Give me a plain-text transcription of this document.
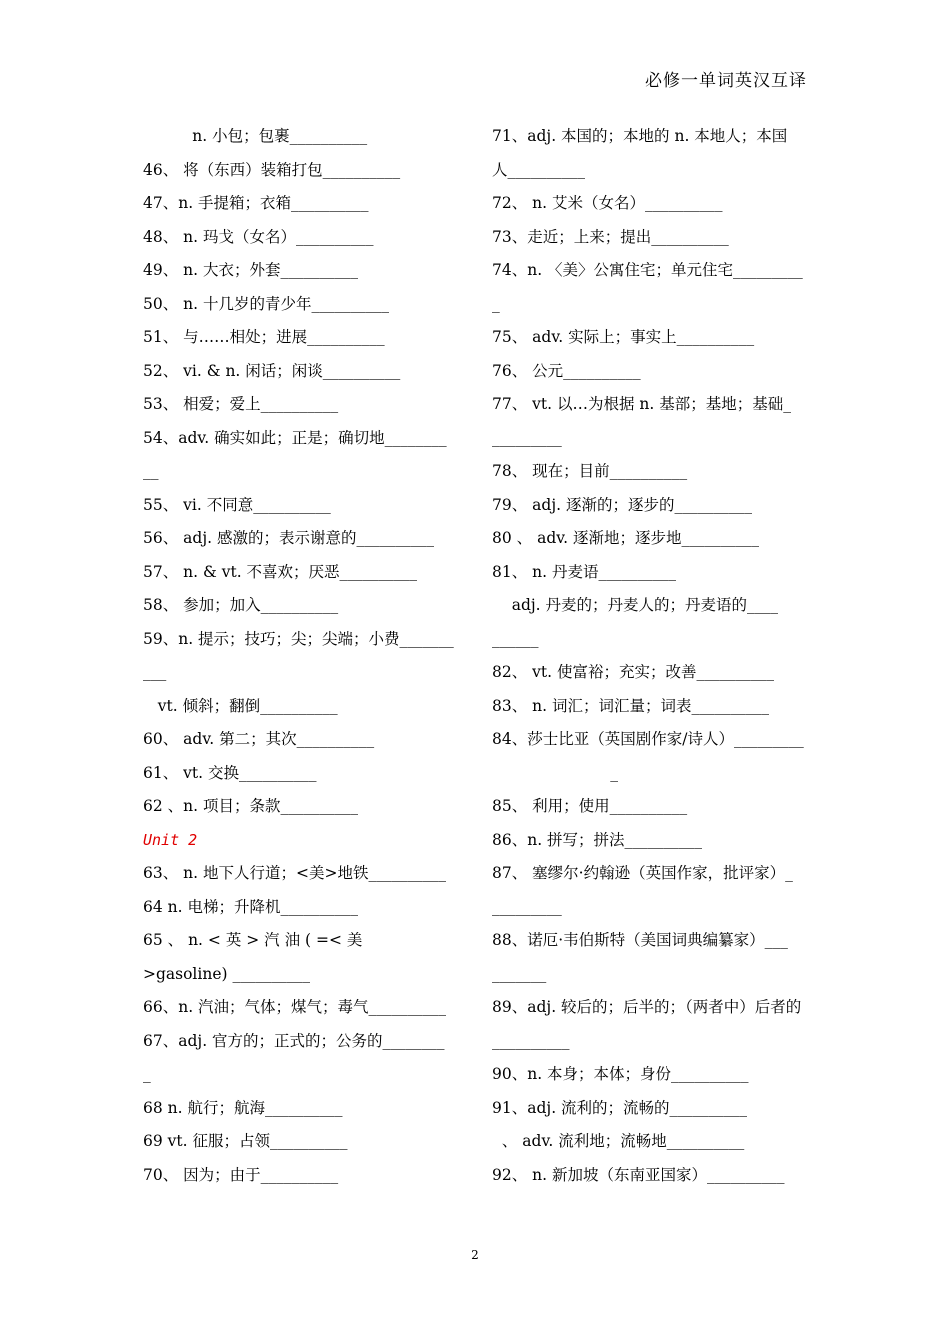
必修一单词英汉互译
n. 小包；包裹__________
46、 将（东西）装箱打包__________
47、n. 手提箱；衣箱__________
48、 n. 玛戈（女名）__________
49、 n. 大衣；外套__________
50、 n. 十几岁的青少年__________
51、 与……相处；进展__________
52、 vi. & n. 闲话；闲谈__________
53、 相爱；爱上__________
54、adv. 确实如此；正是；确切地________
__
55、 vi. 不同意__________
56、 adj. 感激的；表示谢意的__________
57、 n. & vt. 不喜欢；厌恶__________
58、 参加；加入__________
59、n. 提示；技巧；尖；尖端；小费_______
___
vt. 倾斜；翻倒__________
60、 adv. 第二；其次__________
61、 vt. 交换__________
62 、n. 项目；条款__________
Unit 2
63、 n. 地下人行道；<美>地铁__________
64 n. 电梯；升降机__________
65 、 n. < 英 > 汽 油 ( =< 美
>gasoline) __________
66、n. 汽油；气体；煤气；毒气__________
67、adj. 官方的；正式的；公务的________
_
68 n. 航行；航海__________
69 vt. 征服；占领__________
70、 因为；由于__________
71、adj. 本国的；本地的 n. 本地人；本国
人__________
72、 n. 艾米（女名）__________
73、走近；上来；提出__________
74、n. 〈美〉公寓住宅；单元住宅_________
_
75、 adv. 实际上；事实上__________
76、 公元__________
77、 vt. 以…为根据 n. 基部；基地；基础_
_________
78、 现在；目前__________
79、 adj. 逐渐的；逐步的__________
80 、 adv. 逐渐地；逐步地__________
81、 n. 丹麦语__________
adj. 丹麦的；丹麦人的；丹麦语的____
______
82、 vt. 使富裕；充实；改善__________
83、 n. 词汇；词汇量；词表__________
84、莎士比亚（英国剧作家/诗人）_________
_
85、 利用；使用__________
86、n. 拼写；拼法__________
87、 塞缪尔·约翰逊（英国作家，批评家）_
_________
88、诺厄·韦伯斯特（美国词典编纂家）___
_______
89、adj. 较后的；后半的；（两者中）后者的
__________
90、n. 本身；本体；身份__________
91、adj. 流利的；流畅的__________
、 adv. 流利地；流畅地__________
92、 n. 新加坡（东南亚国家）__________
2
